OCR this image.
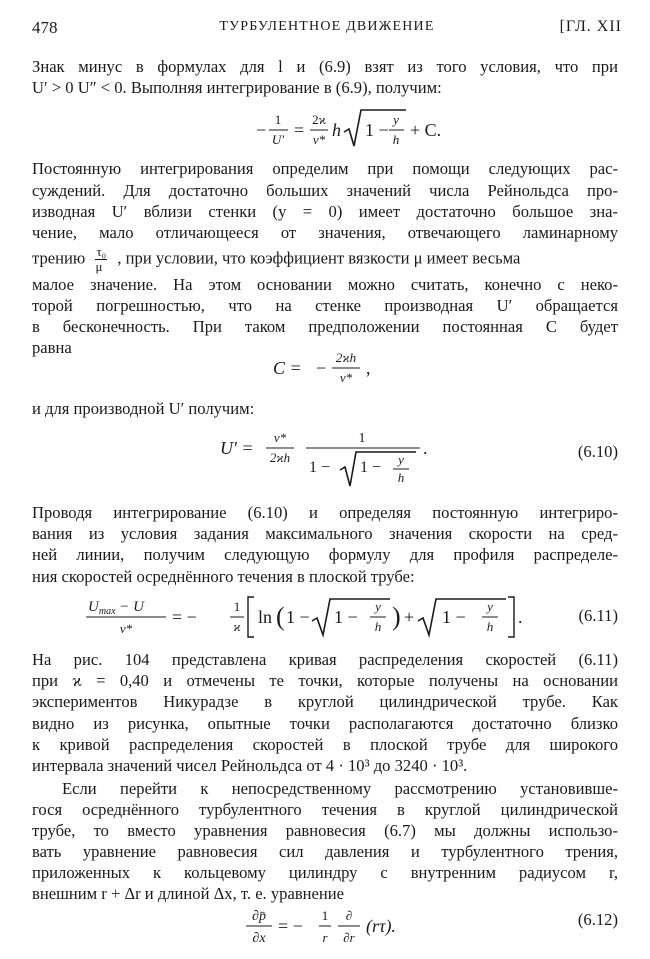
478	ТУРБУЛЕНТНОЕ ДВИЖЕНИЕ	[ГЛ. XII

Знак минус в формулах для l и (6.9) взят из того условия, что при

U′ > 0 U″ < 0. Выполняя интегрирование в (6.9), получим:

−
1
U′ =
2ϰ
v* h 1 −
y
h + C.

Постоянную интегрирования определим при помощи следующих рас-

суждений. Для достаточно больших значений числа Рейнольдса про-

изводная U′ вблизи стенки (y = 0) имеет достаточно большое зна-

чение, мало отличающееся от значения, отвечающего ламинарному

трению $\frac{\text{τ₀}}{\mu}$ , при условии, что коэффициент вязкости μ имеет весьма

малое значение. На этом основании можно считать, конечно с неко-

торой погрешностью, что на стенке производная U′ обращается

в бесконечность. При таком предположении постоянная C будет

равна

C = −
2ϰh
v* ,

и для производной U′ получим:

U′ =
v*
2ϰh
1
1 − 1 − y
h
.	(6.10)

Проводя интегрирование (6.10) и определяя постоянную интегриро-

вания из условия задания максимального значения скорости на сред-

ней линии, получим следующую формулу для профиля распределе-

ния скоростей осреднённого течения в плоской трубе:

$U_{max} - U$
v*
= −
1
ϰ ln ( 1 − 1 −
y
h ) + 1 −
y
h .	(6.11)

На рис. 104 представлена кривая распределения скоростей (6.11)

при ϰ = 0,40 и отмечены те точки, которые получены на основании

экспериментов Никурадзе в круглой цилиндрической трубе. Как

видно из рисунка, опытные точки располагаются достаточно близко

к кривой распределения скоростей в плоской трубе для широкого

интервала значений чисел Рейнольдса от 4 · 10³ до 3240 · 10³.

Если перейти к непосредственному рассмотрению установивше-

гося осреднённого турбулентного течения в круглой цилиндрической

трубе, то вместо уравнения равновесия (6.7) мы должны использо-

вать уравнение равновесия сил давления и турбулентного трения,

приложенных к кольцевому цилиндру с внутренним радиусом r,

внешним r + Δr и длиной Δx, т. е. уравнение

∂p̄
∂x
= −
1
r
∂
∂r
(rτ).	(6.12)
